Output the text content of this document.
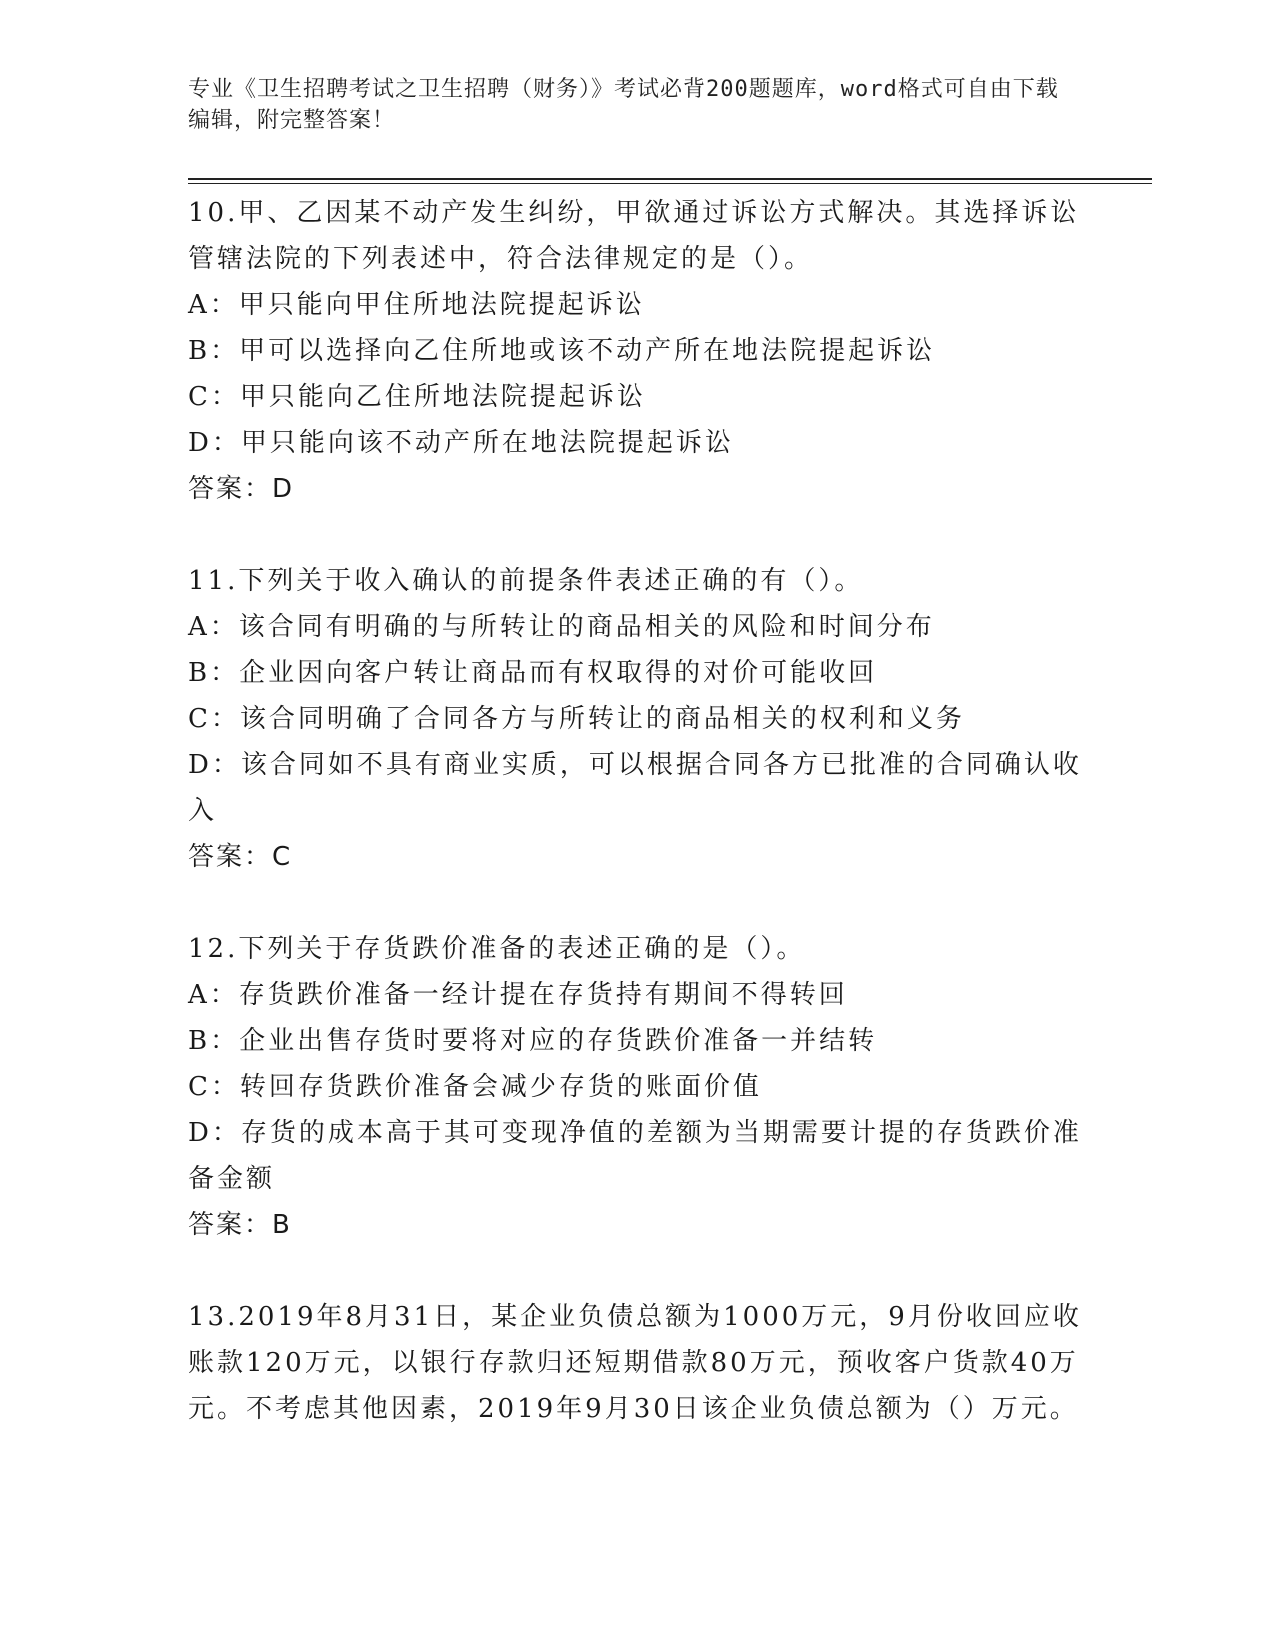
专业《卫生招聘考试之卫生招聘（财务）》考试必背200题题库，word格式可自由下载编辑，附完整答案！

10.甲、乙因某不动产发生纠纷，甲欲通过诉讼方式解决。其选择诉讼管辖法院的下列表述中，符合法律规定的是（）。

A：甲只能向甲住所地法院提起诉讼

B：甲可以选择向乙住所地或该不动产所在地法院提起诉讼

C：甲只能向乙住所地法院提起诉讼

D：甲只能向该不动产所在地法院提起诉讼

答案：D

11.下列关于收入确认的前提条件表述正确的有（）。

A：该合同有明确的与所转让的商品相关的风险和时间分布

B：企业因向客户转让商品而有权取得的对价可能收回

C：该合同明确了合同各方与所转让的商品相关的权利和义务

D：该合同如不具有商业实质，可以根据合同各方已批准的合同确认收入

答案：C

12.下列关于存货跌价准备的表述正确的是（）。

A：存货跌价准备一经计提在存货持有期间不得转回

B：企业出售存货时要将对应的存货跌价准备一并结转

C：转回存货跌价准备会减少存货的账面价值

D：存货的成本高于其可变现净值的差额为当期需要计提的存货跌价准备金额

答案：B

13.2019年8月31日，某企业负债总额为1000万元，9月份收回应收账款120万元，以银行存款归还短期借款80万元，预收客户货款40万元。不考虑其他因素，2019年9月30日该企业负债总额为（）万元。
